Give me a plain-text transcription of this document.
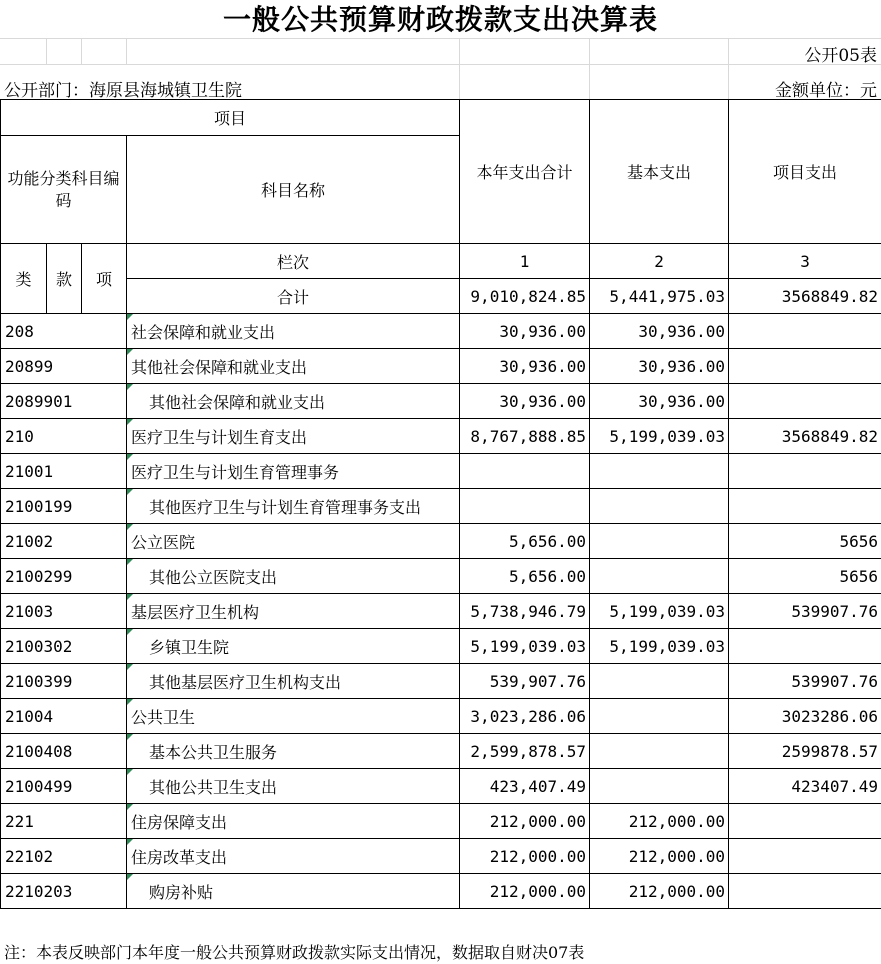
一般公共预算财政拨款支出决算表
公开05表
公开部门：海原县海城镇卫生院	金额单位：元
项目				本年支出合计	基本支出	项目支出
功能分类科目编码			科目名称			
类	款	项	栏次	1	2	3
			合计	9,010,824.85	5,441,975.03	3568849.82
208			社会保障和就业支出	30,936.00	30,936.00	
20899			其他社会保障和就业支出	30,936.00	30,936.00	
2089901			其他社会保障和就业支出	30,936.00	30,936.00	
210			医疗卫生与计划生育支出	8,767,888.85	5,199,039.03	3568849.82
21001			医疗卫生与计划生育管理事务			
2100199			其他医疗卫生与计划生育管理事务支出			
21002			公立医院	5,656.00		5656
2100299			其他公立医院支出	5,656.00		5656
21003			基层医疗卫生机构	5,738,946.79	5,199,039.03	539907.76
2100302			乡镇卫生院	5,199,039.03	5,199,039.03	
2100399			其他基层医疗卫生机构支出	539,907.76		539907.76
21004			公共卫生	3,023,286.06		3023286.06
2100408			基本公共卫生服务	2,599,878.57		2599878.57
2100499			其他公共卫生支出	423,407.49		423407.49
221			住房保障支出	212,000.00	212,000.00	
22102			住房改革支出	212,000.00	212,000.00	
2210203			购房补贴	212,000.00	212,000.00	
注：本表反映部门本年度一般公共预算财政拨款实际支出情况，数据取自财决07表
